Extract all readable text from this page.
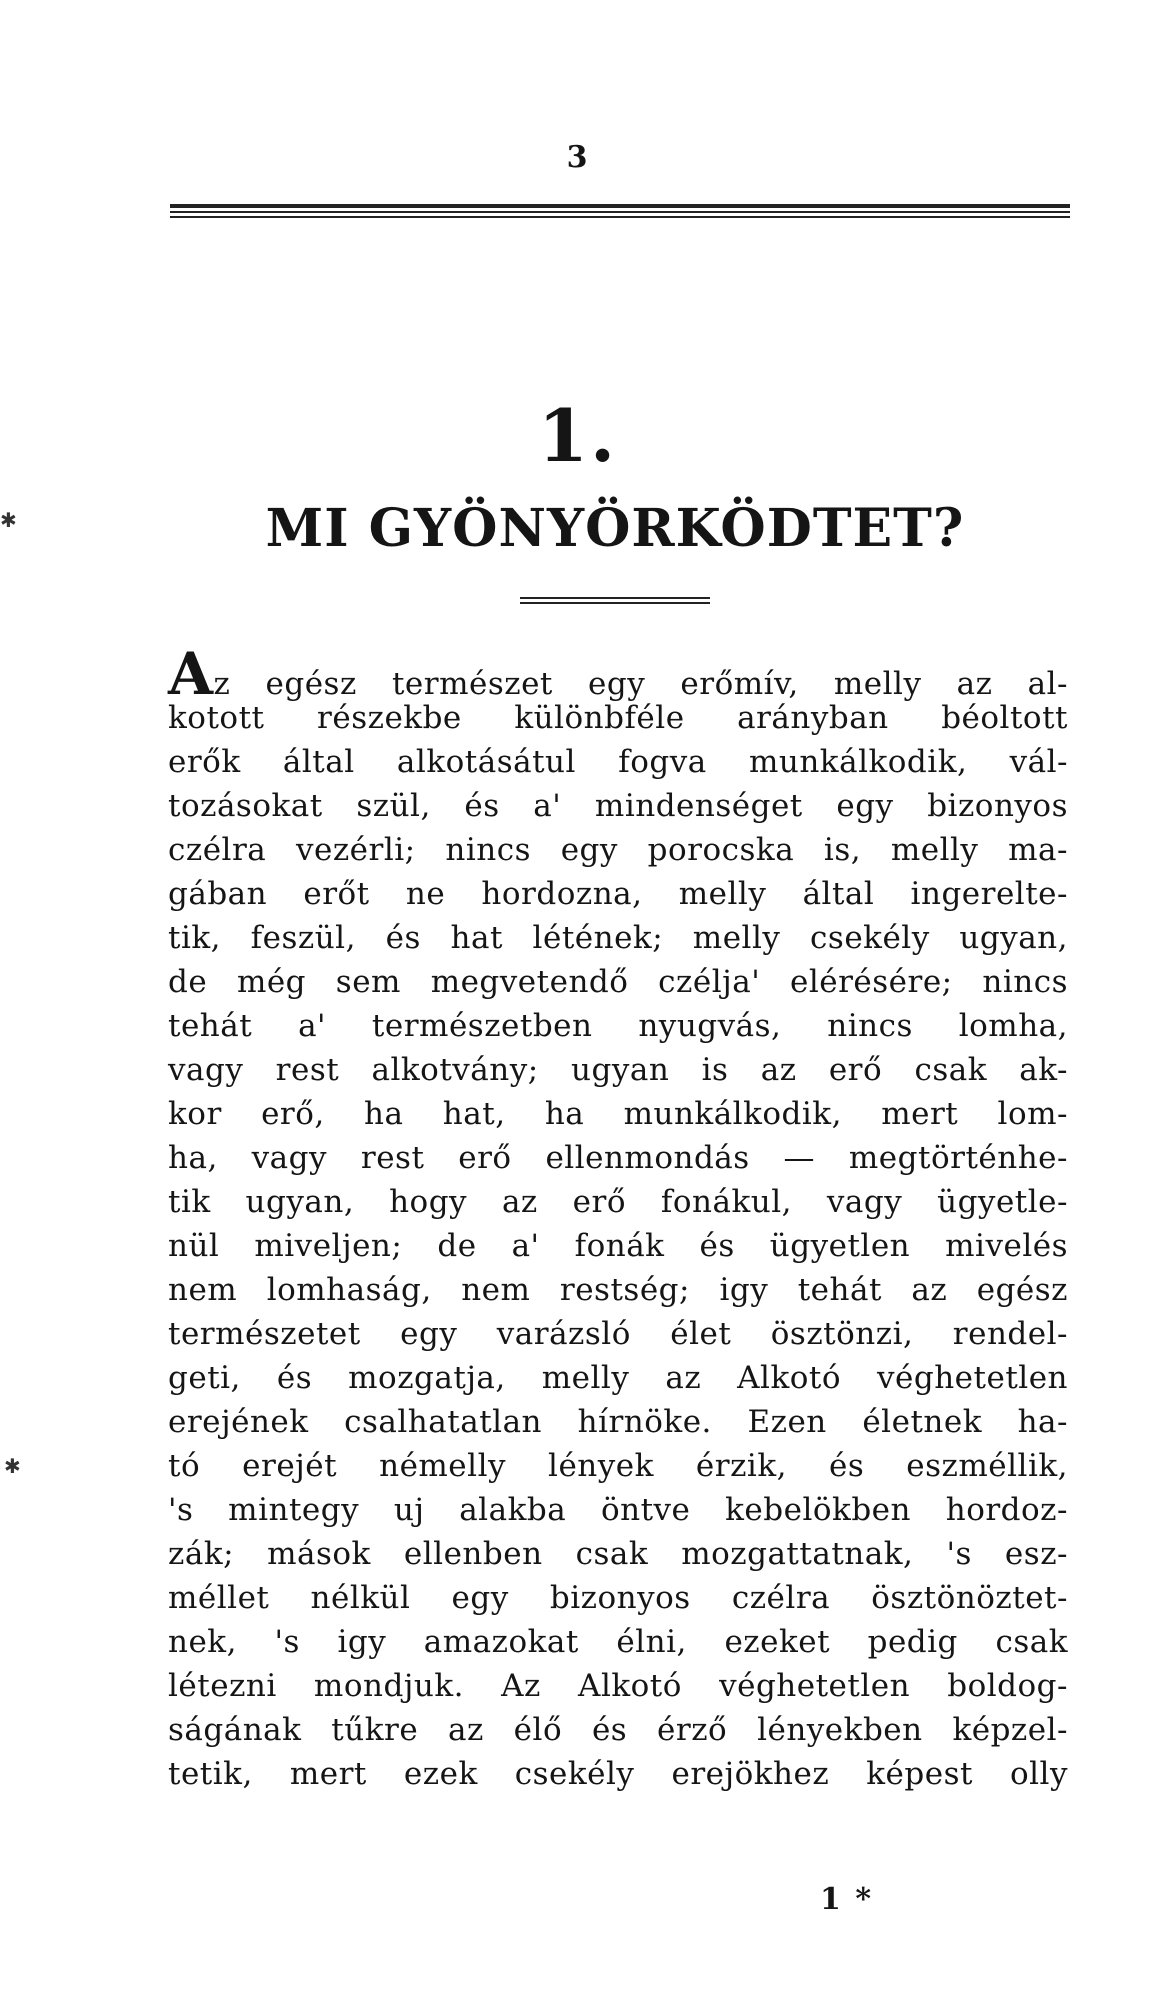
3
1.
MI GYÖNYÖRKÖDTET?
Az egész természet egy erőmív, melly az al-
kotott részekbe különbféle arányban béoltott
erők által alkotásátul fogva munkálkodik, vál-
tozásokat szül, és a' mindenséget egy bizonyos
czélra vezérli; nincs egy porocska is, melly ma-
gában erőt ne hordozna, melly által ingerelte-
tik, feszül, és hat létének; melly csekély ugyan,
de még sem megvetendő czélja' elérésére; nincs
tehát a' természetben nyugvás, nincs lomha,
vagy rest alkotvány; ugyan is az erő csak ak-
kor erő, ha hat, ha munkálkodik, mert lom-
ha, vagy rest erő ellenmondás — megtörténhe-
tik ugyan, hogy az erő fonákul, vagy ügyetle-
nül miveljen; de a' fonák és ügyetlen mivelés
nem lomhaság, nem restség; igy tehát az egész
természetet egy varázsló élet ösztönzi, rendel-
geti, és mozgatja, melly az Alkotó véghetetlen
erejének csalhatatlan hírnöke. Ezen életnek ha-
tó erejét némelly lények érzik, és eszméllik,
's mintegy uj alakba öntve kebelökben hordoz-
zák; mások ellenben csak mozgattatnak, 's esz-
méllet nélkül egy bizonyos czélra ösztönöztet-
nek, 's igy amazokat élni, ezeket pedig csak
létezni mondjuk. Az Alkotó véghetetlen boldog-
ságának tűkre az élő és érző lényekben képzel-
tetik, mert ezek csekély erejökhez képest olly
1 *
✱
✱
